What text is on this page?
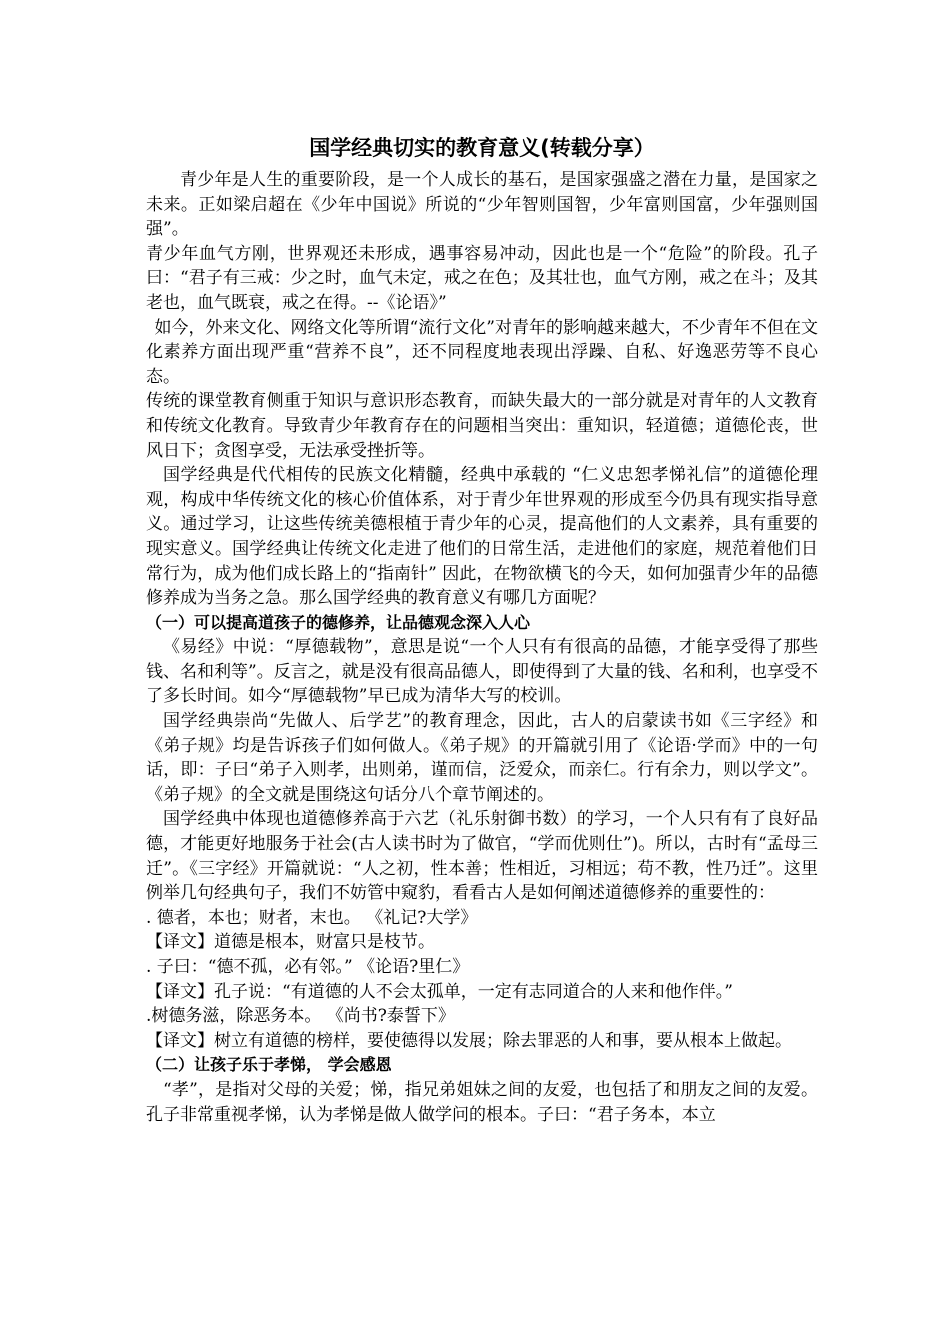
国学经典切实的教育意义(转载分享）

青少年是人生的重要阶段，是一个人成长的基石，是国家强盛之潜在力量，是国家之未来。正如梁启超在《少年中国说》所说的“少年智则国智，少年富则国富，少年强则国强”。

青少年血气方刚，世界观还未形成，遇事容易冲动，因此也是一个“危险”的阶段。孔子曰：“君子有三戒：少之时，血气未定，戒之在色；及其壮也，血气方刚，戒之在斗；及其老也，血气既衰，戒之在得。--《论语》”

如今，外来文化、网络文化等所谓“流行文化”对青年的影响越来越大，不少青年不但在文化素养方面出现严重“营养不良”，还不同程度地表现出浮躁、自私、好逸恶劳等不良心态。

传统的课堂教育侧重于知识与意识形态教育，而缺失最大的一部分就是对青年的人文教育和传统文化教育。导致青少年教育存在的问题相当突出：重知识，轻道德；道德伦丧，世风日下；贪图享受，无法承受挫折等。

国学经典是代代相传的民族文化精髓，经典中承载的 “仁义忠恕孝悌礼信”的道德伦理观，构成中华传统文化的核心价值体系，对于青少年世界观的形成至今仍具有现实指导意义。通过学习，让这些传统美德根植于青少年的心灵，提高他们的人文素养，具有重要的现实意义。国学经典让传统文化走进了他们的日常生活，走进他们的家庭，规范着他们日常行为，成为他们成长路上的“指南针” 因此，在物欲横飞的今天，如何加强青少年的品德修养成为当务之急。那么国学经典的教育意义有哪几方面呢？

（一）可以提高道孩子的德修养，让品德观念深入人心

《易经》中说：“厚德载物”，意思是说“一个人只有有很高的品德，才能享受得了那些钱、名和利等”。反言之，就是没有很高品德人，即使得到了大量的钱、名和利，也享受不了多长时间。如今“厚德载物”早已成为清华大写的校训。

国学经典崇尚“先做人、后学艺”的教育理念，因此，古人的启蒙读书如《三字经》和《弟子规》均是告诉孩子们如何做人。《弟子规》的开篇就引用了《论语·学而》中的一句话，即：子曰“弟子入则孝，出则弟，谨而信，泛爱众，而亲仁。行有余力，则以学文”。《弟子规》的全文就是围绕这句话分八个章节阐述的。

国学经典中体现也道德修养高于六艺（礼乐射御书数）的学习，一个人只有有了良好品德，才能更好地服务于社会(古人读书时为了做官，“学而优则仕”)。所以，古时有“孟母三迁”。《三字经》开篇就说：“人之初，性本善；性相近，习相远；苟不教，性乃迁”。这里例举几句经典句子，我们不妨管中窥豹，看看古人是如何阐述道德修养的重要性的：

. 德者，本也；财者，末也。 《礼记?大学》

【译文】道德是根本，财富只是枝节。

. 子曰：“德不孤，必有邻。” 《论语?里仁》

【译文】孔子说：“有道德的人不会太孤单，一定有志同道合的人来和他作伴。”

.树德务滋，除恶务本。 《尚书?泰誓下》

【译文】树立有道德的榜样，要使德得以发展；除去罪恶的人和事，要从根本上做起。

（二）让孩子乐于孝悌， 学会感恩

“孝”，是指对父母的关爱；悌，指兄弟姐妹之间的友爱，也包括了和朋友之间的友爱。孔子非常重视孝悌，认为孝悌是做人做学问的根本。子曰：“君子务本，本立
